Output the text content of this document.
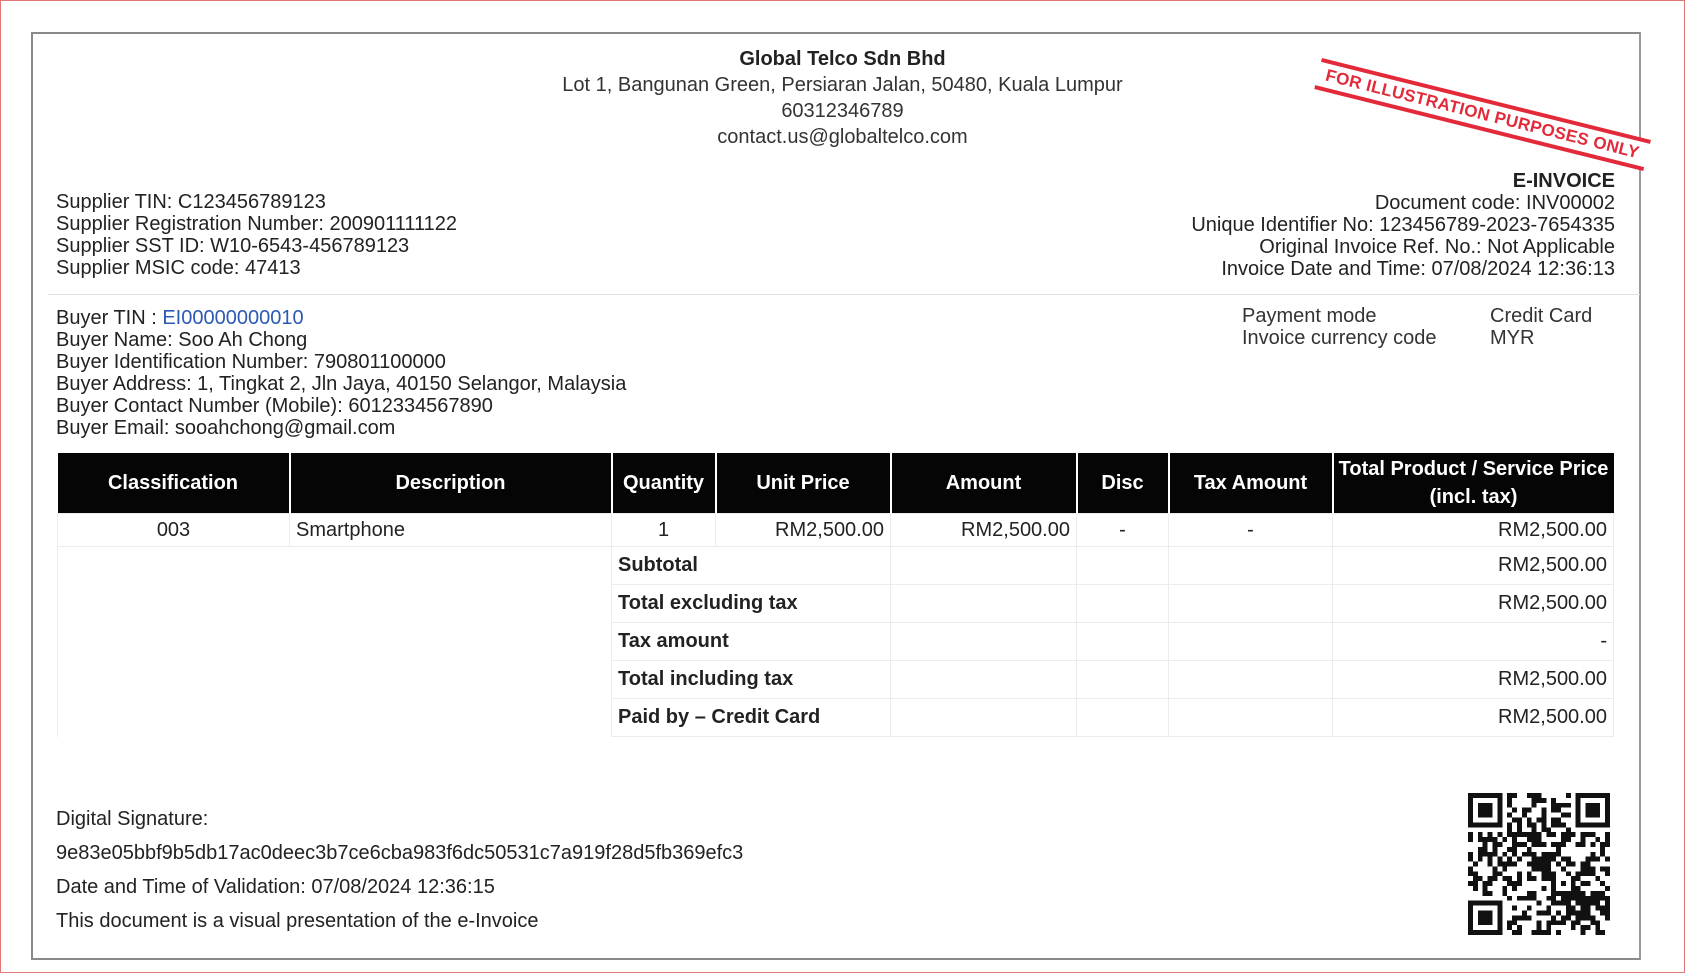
FOR ILLUSTRATION PURPOSES ONLY
Global Telco Sdn Bhd
Lot 1, Bangunan Green, Persiaran Jalan, 50480, Kuala Lumpur
60312346789
contact.us@globaltelco.com
Supplier TIN: C123456789123
Supplier Registration Number: 200901111122
Supplier SST ID: W10-6543-456789123
Supplier MSIC code: 47413
E-INVOICE
Document code: INV00002
Unique Identifier No: 123456789-2023-7654335
Original Invoice Ref. No.: Not Applicable
Invoice Date and Time: 07/08/2024 12:36:13
Buyer TIN : EI00000000010
Buyer Name: Soo Ah Chong
Buyer Identification Number: 790801100000
Buyer Address: 1, Tingkat 2, Jln Jaya, 40150 Selangor, Malaysia
Buyer Contact Number (Mobile): 6012334567890
Buyer Email: sooahchong@gmail.com
Payment mode	Credit Card
Invoice currency code	MYR
Classification	Description	Quantity	Unit Price	Amount	Disc	Tax Amount	Total Product / Service Price (incl. tax)
003	Smartphone	1	RM2,500.00	RM2,500.00	-	-	RM2,500.00
		Subtotal					RM2,500.00
		Total excluding tax					RM2,500.00
		Tax amount					-
		Total including tax					RM2,500.00
		Paid by – Credit Card					RM2,500.00
Digital Signature:
9e83e05bbf9b5db17ac0deec3b7ce6cba983f6dc50531c7a919f28d5fb369efc3
Date and Time of Validation: 07/08/2024 12:36:15
This document is a visual presentation of the e-Invoice
